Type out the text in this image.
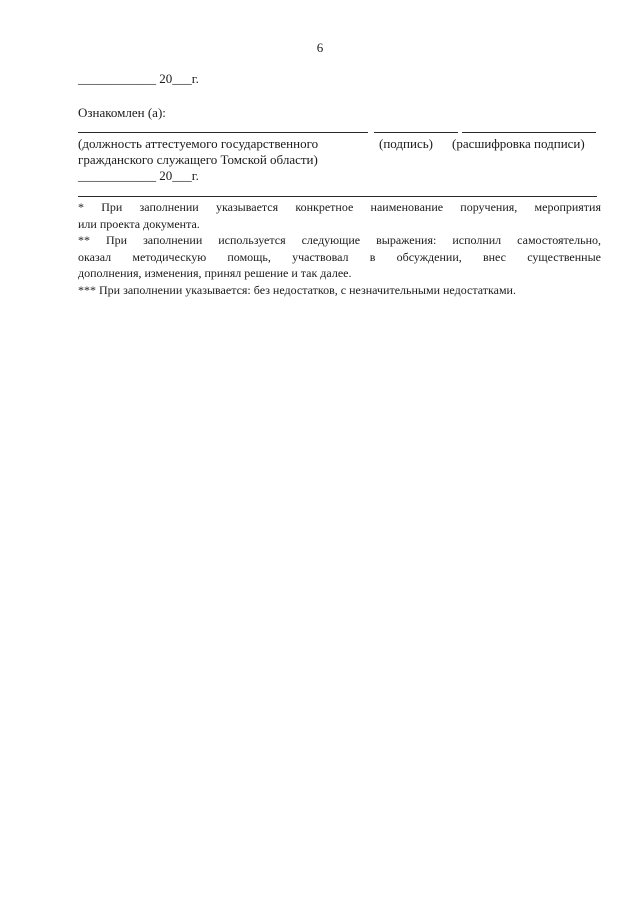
6
____________ 20___г.
Ознакомлен (а):
(должность аттестуемого государственного
гражданского служащего Томской области)
(подпись) (расшифровка подписи)
____________ 20___г.
* При заполнении указывается конкретное наименование поручения, мероприятия
или проекта документа.
** При заполнении используется следующие выражения: исполнил самостоятельно,
оказал методическую помощь, участвовал в обсуждении, внес существенные
дополнения, изменения, принял решение и так далее.
*** При заполнении указывается: без недостатков, с незначительными недостатками.
